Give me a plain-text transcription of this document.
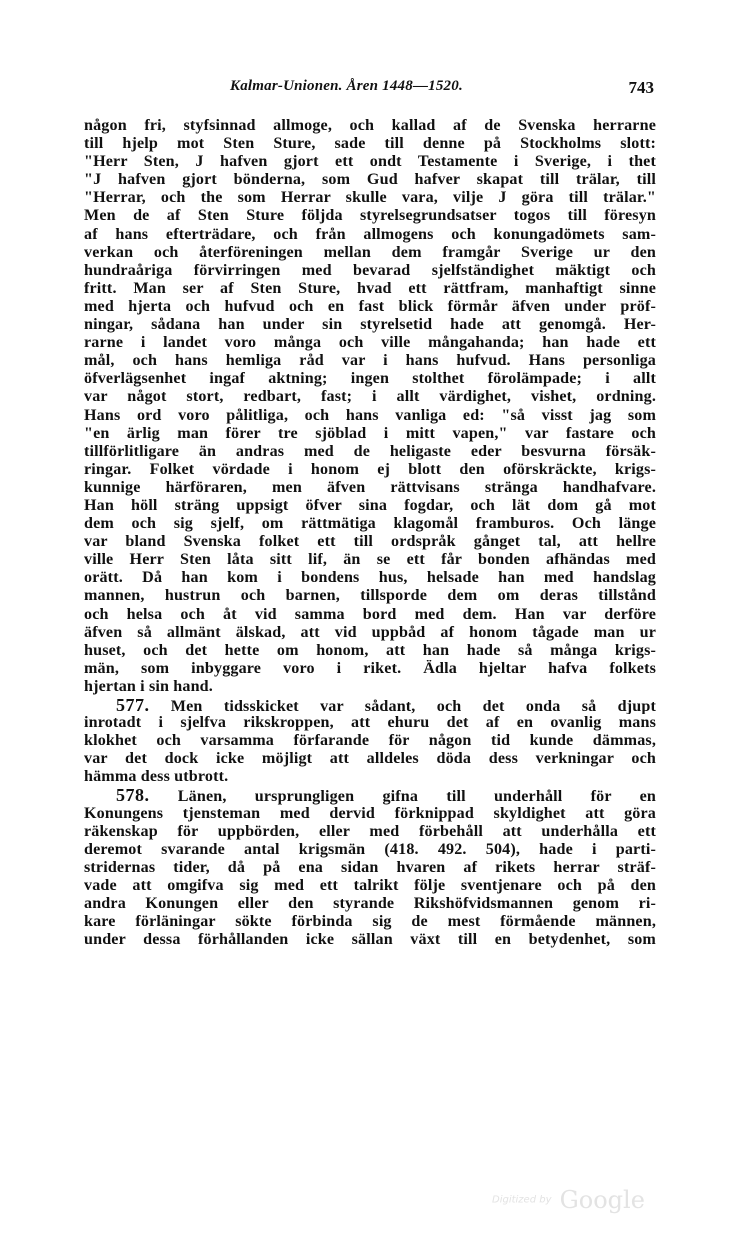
Kalmar-Unionen. Åren 1448—1520.	743
någon fri, styfsinnad allmoge, och kallad af de Svenska herrarne
till hjelp mot Sten Sture, sade till denne på Stockholms slott:
"Herr Sten, J hafven gjort ett ondt Testamente i Sverige, i thet
"J hafven gjort bönderna, som Gud hafver skapat till trälar, till
"Herrar, och the som Herrar skulle vara, vilje J göra till trälar."
Men de af Sten Sture följda styrelsegrundsatser togos till föresyn
af hans efterträdare, och från allmogens och konungadömets sam-
verkan och återföreningen mellan dem framgår Sverige ur den
hundraåriga förvirringen med bevarad sjelfständighet mäktigt och
fritt. Man ser af Sten Sture, hvad ett rättfram, manhaftigt sinne
med hjerta och hufvud och en fast blick förmår äfven under pröf-
ningar, sådana han under sin styrelsetid hade att genomgå. Her-
rarne i landet voro många och ville mångahanda; han hade ett
mål, och hans hemliga råd var i hans hufvud. Hans personliga
öfverlägsenhet ingaf aktning; ingen stolthet förolämpade; i allt
var något stort, redbart, fast; i allt värdighet, vishet, ordning.
Hans ord voro pålitliga, och hans vanliga ed: "så visst jag som
"en ärlig man förer tre sjöblad i mitt vapen," var fastare och
tillförlitligare än andras med de heligaste eder besvurna försäk-
ringar. Folket vördade i honom ej blott den oförskräckte, krigs-
kunnige härföraren, men äfven rättvisans stränga handhafvare.
Han höll sträng uppsigt öfver sina fogdar, och lät dom gå mot
dem och sig sjelf, om rättmätiga klagomål framburos. Och länge
var bland Svenska folket ett till ordspråk gånget tal, att hellre
ville Herr Sten låta sitt lif, än se ett får bonden afhändas med
orätt. Då han kom i bondens hus, helsade han med handslag
mannen, hustrun och barnen, tillsporde dem om deras tillstånd
och helsa och åt vid samma bord med dem. Han var derföre
äfven så allmänt älskad, att vid uppbåd af honom tågade man ur
huset, och det hette om honom, att han hade så många krigs-
män, som inbyggare voro i riket. Ädla hjeltar hafva folkets
hjertan i sin hand.
577. Men tidsskicket var sådant, och det onda så djupt
inrotadt i sjelfva rikskroppen, att ehuru det af en ovanlig mans
klokhet och varsamma förfarande för någon tid kunde dämmas,
var det dock icke möjligt att alldeles döda dess verkningar och
hämma dess utbrott.
578. Länen, ursprungligen gifna till underhåll för en
Konungens tjensteman med dervid förknippad skyldighet att göra
räkenskap för uppbörden, eller med förbehåll att underhålla ett
deremot svarande antal krigsmän (418. 492. 504), hade i parti-
stridernas tider, då på ena sidan hvaren af rikets herrar sträf-
vade att omgifva sig med ett talrikt följe sventjenare och på den
andra Konungen eller den styrande Rikshöfvidsmannen genom ri-
kare förläningar sökte förbinda sig de mest förmående männen,
under dessa förhållanden icke sällan växt till en betydenhet, som
Digitized by Google
